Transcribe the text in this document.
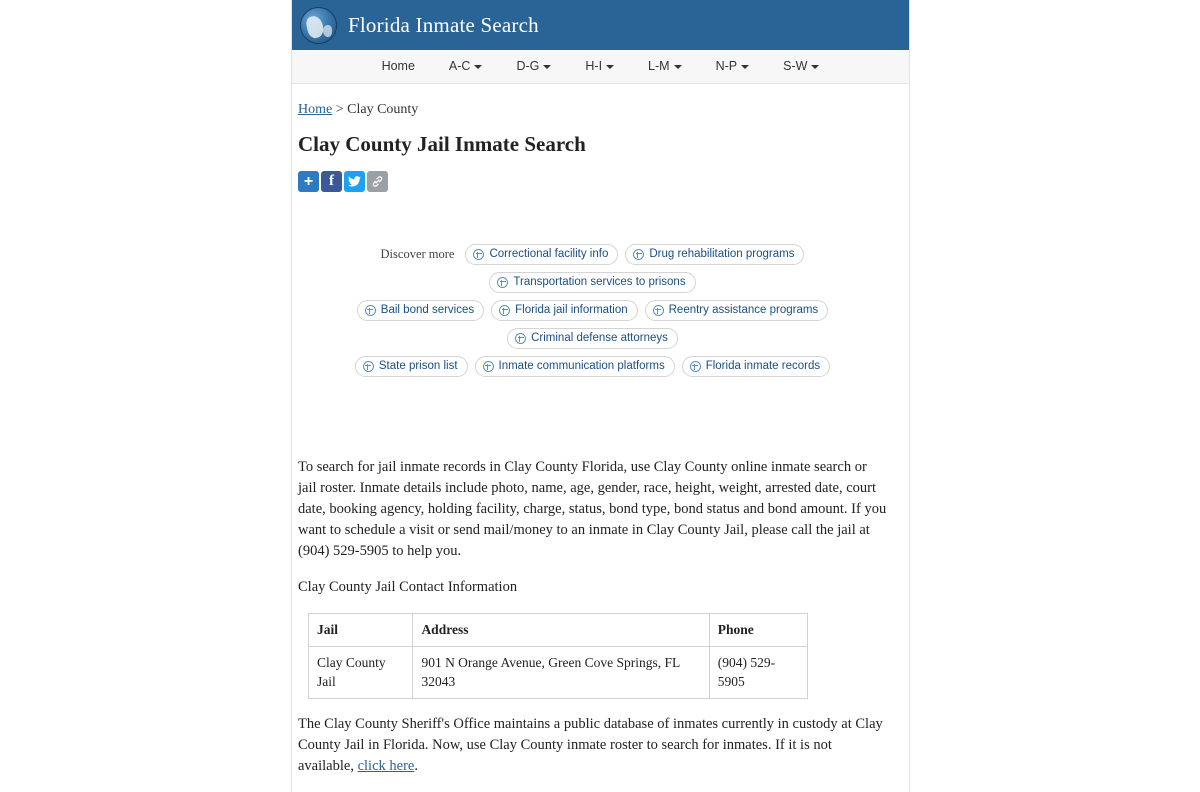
Florida Inmate Search
Home	A-C	D-G	H-I	L-M	N-P	S-W
Home > Clay County
Clay County Jail Inmate Search
+ f
Discover more	Correctional facility info	Drug rehabilitation programs
Transportation services to prisons
Bail bond services	Florida jail information	Reentry assistance programs
Criminal defense attorneys
State prison list	Inmate communication platforms	Florida inmate records

To search for jail inmate records in Clay County Florida, use Clay County online inmate search or jail roster. Inmate details include photo, name, age, gender, race, height, weight, arrested date, court date, booking agency, holding facility, charge, status, bond type, bond status and bond amount. If you want to schedule a visit or send mail/money to an inmate in Clay County Jail, please call the jail at (904) 529-5905 to help you.

Clay County Jail Contact Information

Jail	Address	Phone
Clay County Jail	901 N Orange Avenue, Green Cove Springs, FL 32043	(904) 529-5905

The Clay County Sheriff's Office maintains a public database of inmates currently in custody at Clay County Jail in Florida. Now, use Clay County inmate roster to search for inmates. If it is not available, click here.
